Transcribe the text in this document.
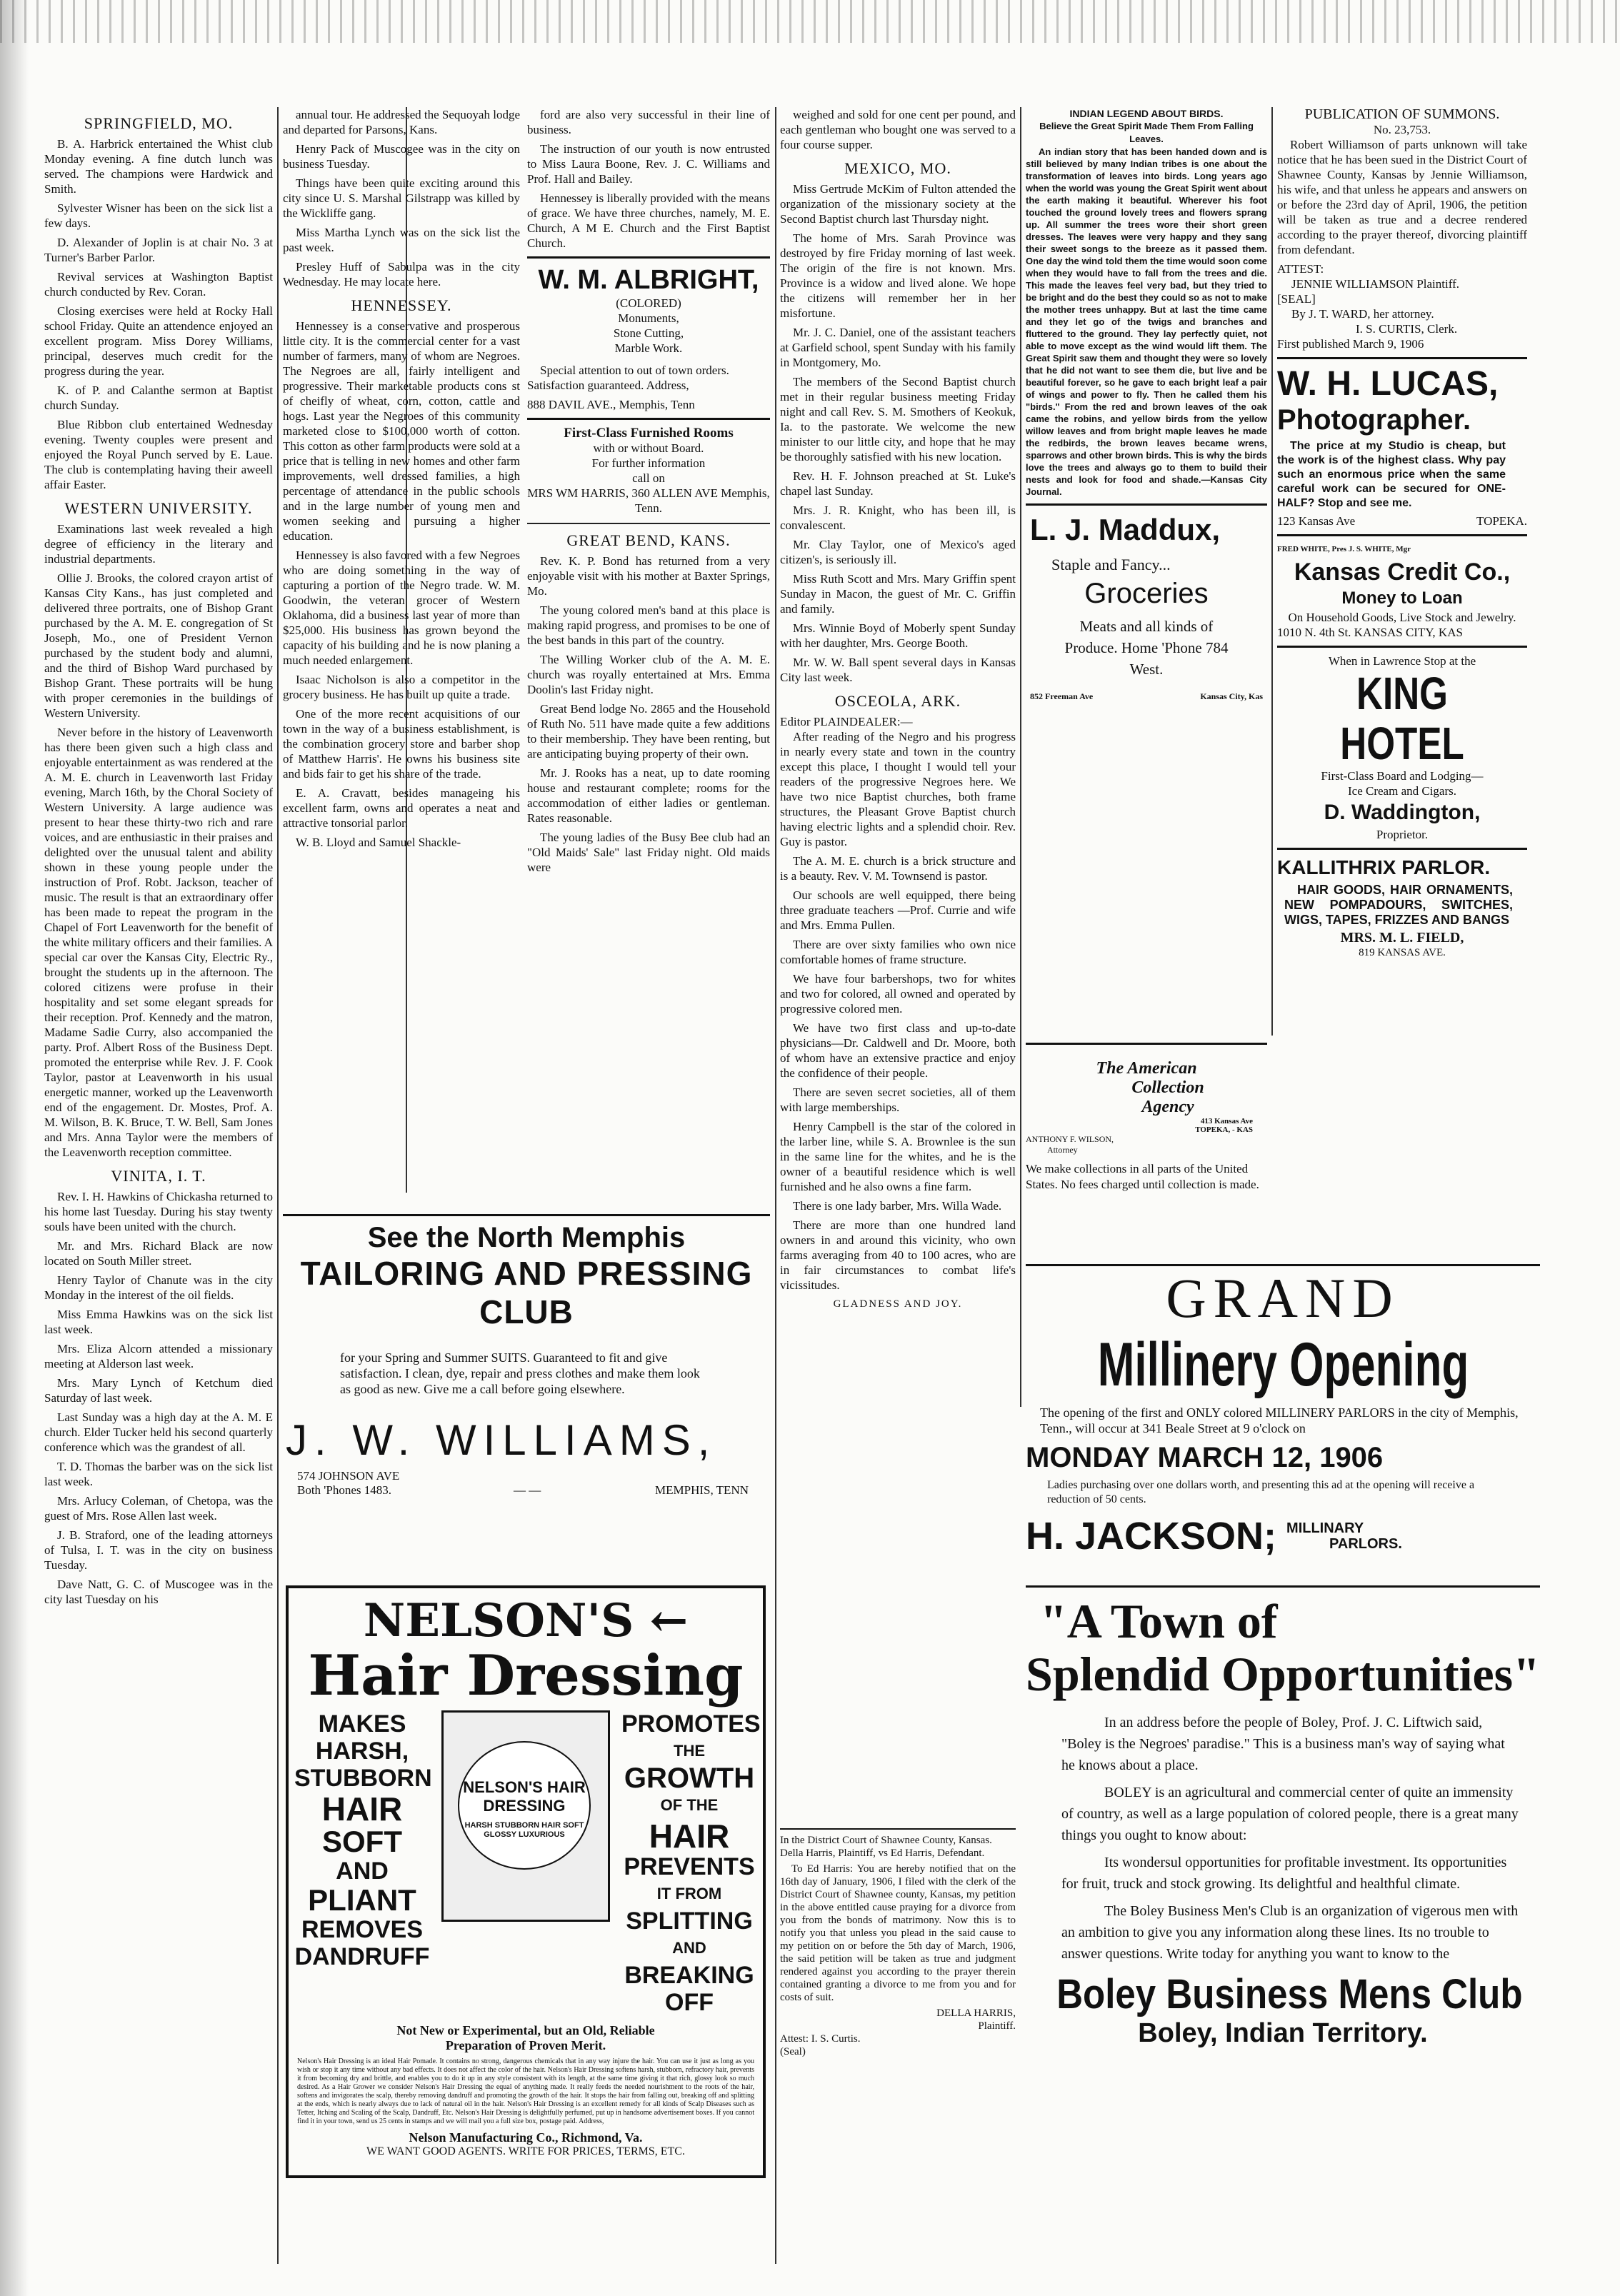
SPRINGFIELD, MO.

B. A. Harbrick entertained the Whist club Monday evening. A fine dutch lunch was served. The champions were Hardwick and Smith.

Sylvester Wisner has been on the sick list a few days.

D. Alexander of Joplin is at chair No. 3 at Turner's Barber Parlor.

Revival services at Washington Baptist church conducted by Rev. Coran.

Closing exercises were held at Rocky Hall school Friday. Quite an attendence enjoyed an excellent program. Miss Dorey Williams, principal, deserves much credit for the progress during the year.

K. of P. and Calanthe sermon at Baptist church Sunday.

Blue Ribbon club entertained Wednesday evening. Twenty couples were present and enjoyed the Royal Punch served by E. Laue. The club is contemplating having their aweell affair Easter.

WESTERN UNIVERSITY.

Examinations last week revealed a high degree of efficiency in the literary and industrial departments.

Ollie J. Brooks, the colored crayon artist of Kansas City Kans., has just completed and delivered three portraits, one of Bishop Grant purchased by the A. M. E. congregation of St Joseph, Mo., one of President Vernon purchased by the student body and alumni, and the third of Bishop Ward purchased by Bishop Grant. These portraits will be hung with proper ceremonies in the buildings of Western University.

Never before in the history of Leavenworth has there been given such a high class and enjoyable entertainment as was rendered at the A. M. E. church in Leavenworth last Friday evening, March 16th, by the Choral Society of Western University. A large audience was present to hear these thirty-two rich and rare voices, and are enthusiastic in their praises and delighted over the unusual talent and ability shown in these young people under the instruction of Prof. Robt. Jackson, teacher of music. The result is that an extraordinary offer has been made to repeat the program in the Chapel of Fort Leavenworth for the benefit of the white military officers and their families. A special car over the Kansas City, Electric Ry., brought the students up in the afternoon. The colored citizens were profuse in their hospitality and set some elegant spreads for their reception. Prof. Kennedy and the matron, Madame Sadie Curry, also accompanied the party. Prof. Albert Ross of the Business Dept. promoted the enterprise while Rev. J. F. Cook Taylor, pastor at Leavenworth in his usual energetic manner, worked up the Leavenworth end of the engagement. Dr. Mostes, Prof. A. M. Wilson, B. K. Bruce, T. W. Bell, Sam Jones and Mrs. Anna Taylor were the members of the Leavenworth reception committee.

VINITA, I. T.

Rev. I. H. Hawkins of Chickasha returned to his home last Tuesday. During his stay twenty souls have been united with the church.

Mr. and Mrs. Richard Black are now located on South Miller street.

Henry Taylor of Chanute was in the city Monday in the interest of the oil fields.

Miss Emma Hawkins was on the sick list last week.

Mrs. Eliza Alcorn attended a missionary meeting at Alderson last week.

Mrs. Mary Lynch of Ketchum died Saturday of last week.

Last Sunday was a high day at the A. M. E church. Elder Tucker held his second quarterly conference which was the grandest of all.

T. D. Thomas the barber was on the sick list last week.

Mrs. Arlucy Coleman, of Chetopa, was the guest of Mrs. Rose Allen last week.

J. B. Straford, one of the leading attorneys of Tulsa, I. T. was in the city on business Tuesday.

Dave Natt, G. C. of Muscogee was in the city last Tuesday on his

annual tour. He addressed the Sequoyah lodge and departed for Parsons, Kans.

Henry Pack of Muscogee was in the city on business Tuesday.

Things have been quite exciting around this city since U. S. Marshal Gilstrapp was killed by the Wickliffe gang.

Miss Martha Lynch was on the sick list the past week.

Presley Huff of Sabulpa was in the city Wednesday. He may locate here.

HENNESSEY.

Hennessey is a conservative and prosperous little city. It is the commercial center for a vast number of farmers, many of whom are Negroes. The Negroes are all, fairly intelligent and progressive. Their marketable products cons st of cheifly of wheat, corn, cotton, cattle and hogs. Last year the Negroes of this community marketed close to $100,000 worth of cotton. This cotton as other farm products were sold at a price that is telling in new homes and other farm improvements, well dressed families, a high percentage of attendance in the public schools and in the large number of young men and women seeking and pursuing a higher education.

Hennessey is also favored with a few Negroes who are doing something in the way of capturing a portion of the Negro trade. W. M. Goodwin, the veteran grocer of Western Oklahoma, did a business last year of more than $25,000. His business has grown beyond the capacity of his building and he is now planing a much needed enlargement.

Isaac Nicholson is also a competitor in the grocery business. He has built up quite a trade.

One of the more recent acquisitions of our town in the way of a business establishment, is the combination grocery store and barber shop of Matthew Harris'. He owns his business site and bids fair to get his share of the trade.

E. A. Cravatt, besides manageing his excellent farm, owns and operates a neat and attractive tonsorial parlor.

W. B. Lloyd and Samuel Shackle-

ford are also very successful in their line of business.

The instruction of our youth is now entrusted to Miss Laura Boone, Rev. J. C. Williams and Prof. Hall and Bailey.

Hennessey is liberally provided with the means of grace. We have three churches, namely, M. E. Church, A M E. Church and the First Baptist Church.

W. M. ALBRIGHT,
(COLORED)
Monuments,
Stone Cutting,
Marble Work.

Special attention to out of town orders. Satisfaction guaranteed. Address,

888 DAVIL AVE., Memphis, Tenn
First-Class Furnished Rooms
with or without Board.
For further information
call on
MRS WM HARRIS, 360 ALLEN AVE Memphis, Tenn.
GREAT BEND, KANS.

Rev. K. P. Bond has returned from a very enjoyable visit with his mother at Baxter Springs, Mo.

The young colored men's band at this place is making rapid progress, and promises to be one of the best bands in this part of the country.

The Willing Worker club of the A. M. E. church was royally entertained at Mrs. Emma Doolin's last Friday night.

Great Bend lodge No. 2865 and the Household of Ruth No. 511 have made quite a few additions to their membership. They have been renting, but are anticipating buying property of their own.

Mr. J. Rooks has a neat, up to date rooming house and restaurant complete; rooms for the accommodation of either ladies or gentleman. Rates reasonable.

The young ladies of the Busy Bee club had an "Old Maids' Sale" last Friday night. Old maids were

See the North Memphis
TAILORING AND PRESSING CLUB

for your Spring and Summer SUITS. Guaranteed to fit and give satisfaction. I clean, dye, repair and press clothes and make them look as good as new. Give me a call before going elsewhere.

J. W. WILLIAMS,
574 JOHNSON AVE
Both 'Phones 1483.	— —	MEMPHIS, TENN
NELSON'S ←
Hair Dressing
MAKES
HARSH,
STUBBORN
HAIR
SOFT
AND
PLIANT
REMOVES
DANDRUFF
NELSON'S HAIR DRESSING
HARSH STUBBORN HAIR SOFT GLOSSY LUXURIOUS
PROMOTES
THE
GROWTH
OF THE
HAIR
PREVENTS
IT FROM
SPLITTING
AND
BREAKING
OFF
Not New or Experimental, but an Old, Reliable
Preparation of Proven Merit.

Nelson's Hair Dressing is an ideal Hair Pomade. It contains no strong, dangerous chemicals that in any way injure the hair. You can use it just as long as you wish or stop it any time without any bad effects. It does not affect the color of the hair. Nelson's Hair Dressing softens harsh, stubborn, refractory hair, prevents it from becoming dry and brittle, and enables you to do it up in any style consistent with its length, at the same time giving it that rich, glossy look so much desired. As a Hair Grower we consider Nelson's Hair Dressing the equal of anything made. It really feeds the needed nourishment to the roots of the hair, softens and invigorates the scalp, thereby removing dandruff and promoting the growth of the hair. It stops the hair from falling out, breaking off and splitting at the ends, which is nearly always due to lack of natural oil in the hair. Nelson's Hair Dressing is an excellent remedy for all kinds of Scalp Diseases such as Tetter, Itching and Scaling of the Scalp, Dandruff, Etc. Nelson's Hair Dressing is delightfully perfumed, put up in handsome advertisement boxes. If you cannot find it in your town, send us 25 cents in stamps and we will mail you a full size box, postage paid. Address,

Nelson Manufacturing Co., Richmond, Va.
WE WANT GOOD AGENTS. WRITE FOR PRICES, TERMS, ETC.

weighed and sold for one cent per pound, and each gentleman who bought one was served to a four course supper.

MEXICO, MO.

Miss Gertrude McKim of Fulton attended the organization of the missionary society at the Second Baptist church last Thursday night.

The home of Mrs. Sarah Province was destroyed by fire Friday morning of last week. The origin of the fire is not known. Mrs. Province is a widow and lived alone. We hope the citizens will remember her in her misfortune.

Mr. J. C. Daniel, one of the assistant teachers at Garfield school, spent Sunday with his family in Montgomery, Mo.

The members of the Second Baptist church met in their regular business meeting Friday night and call Rev. S. M. Smothers of Keokuk, Ia. to the pastorate. We welcome the new minister to our little city, and hope that he may be thoroughly satisfied with his new location.

Rev. H. F. Johnson preached at St. Luke's chapel last Sunday.

Mrs. J. R. Knight, who has been ill, is convalescent.

Mr. Clay Taylor, one of Mexico's aged citizen's, is seriously ill.

Miss Ruth Scott and Mrs. Mary Griffin spent Sunday in Macon, the guest of Mr. C. Griffin and family.

Mrs. Winnie Boyd of Moberly spent Sunday with her daughter, Mrs. George Booth.

Mr. W. W. Ball spent several days in Kansas City last week.

OSCEOLA, ARK.
Editor PLAINDEALER:—

After reading of the Negro and his progress in nearly every state and town in the country except this place, I thought I would tell your readers of the progressive Negroes here. We have two nice Baptist churches, both frame structures, the Pleasant Grove Baptist church having electric lights and a splendid choir. Rev. Guy is pastor.

The A. M. E. church is a brick structure and is a beauty. Rev. V. M. Townsend is pastor.

Our schools are well equipped, there being three graduate teachers —Prof. Currie and wife and Mrs. Emma Pullen.

There are over sixty families who own nice comfortable homes of frame structure.

We have four barbershops, two for whites and two for colored, all owned and operated by progressive colored men.

We have two first class and up-to-date physicians—Dr. Caldwell and Dr. Moore, both of whom have an extensive practice and enjoy the confidence of their people.

There are seven secret societies, all of them with large memberships.

Henry Campbell is the star of the colored in the larber line, while S. A. Brownlee is the sun in the same line for the whites, and he is the owner of a beautiful residence which is well furnished and he also owns a fine farm.

There is one lady barber, Mrs. Willa Wade.

There are more than one hundred land owners in and around this vicinity, who own farms averaging from 40 to 100 acres, who are in fair circumstances to combat life's vicissitudes.

GLADNESS AND JOY.
In the District Court of Shawnee County, Kansas.
Della Harris, Plaintiff, vs Ed Harris, Defendant.

To Ed Harris: You are hereby notified that on the 16th day of January, 1906, I filed with the clerk of the District Court of Shawnee county, Kansas, my petition in the above entitled cause praying for a divorce from you from the bonds of matrimony. Now this is to notify you that unless you plead in the said cause to my petition on or before the 5th day of March, 1906, the said petition will be taken as true and judgment rendered against you according to the prayer therein contained granting a divorce to me from you and for costs of suit.

DELLA HARRIS,
Plaintiff.
Attest: I. S. Curtis.
(Seal)
INDIAN LEGEND ABOUT BIRDS.
Believe the Great Spirit Made Them From Falling Leaves.

An indian story that has been handed down and is still believed by many Indian tribes is one about the transformation of leaves into birds. Long years ago when the world was young the Great Spirit went about the earth making it beautiful. Wherever his foot touched the ground lovely trees and flowers sprang up. All summer the trees wore their short green dresses. The leaves were very happy and they sang their sweet songs to the breeze as it passed them. One day the wind told them the time would soon come when they would have to fall from the trees and die. This made the leaves feel very bad, but they tried to be bright and do the best they could so as not to make the mother trees unhappy. But at last the time came and they let go of the twigs and branches and fluttered to the ground. They lay perfectly quiet, not able to move except as the wind would lift them. The Great Spirit saw them and thought they were so lovely that he did not want to see them die, but live and be beautiful forever, so he gave to each bright leaf a pair of wings and power to fly. Then he called them his "birds." From the red and brown leaves of the oak came the robins, and yellow birds from the yellow willow leaves and from bright maple leaves he made the redbirds, the brown leaves became wrens, sparrows and other brown birds. This is why the birds love the trees and always go to them to build their nests and look for food and shade.—Kansas City Journal.

L. J. Maddux,
Staple and Fancy...
Groceries

Meats and all kinds of Produce. Home 'Phone 784 West.

852 Freeman Ave	Kansas City, Kas
The American
Collection
Agency
413 Kansas Ave
TOPEKA, - KAS
ANTHONY F. WILSON,
Attorney

We make collections in all parts of the United States. No fees charged until collection is made.

PUBLICATION OF SUMMONS.
No. 23,753.

Robert Williamson of parts unknown will take notice that he has been sued in the District Court of Shawnee County, Kansas by Jennie Williamson, his wife, and that unless he appears and answers on or before the 23rd day of April, 1906, the petition will be taken as true and a decree rendered according to the prayer thereof, divorcing plaintiff from defendant.

ATTEST:
JENNIE WILLIAMSON Plaintiff.
[SEAL]
By J. T. WARD, her attorney.
I. S. CURTIS, Clerk.
First published March 9, 1906
W. H. LUCAS,
Photographer.

The price at my Studio is cheap, but the work is of the highest class. Why pay such an enormous price when the same careful work can be secured for ONE-HALF? Stop and see me.

123 Kansas Ave	TOPEKA.
FRED WHITE, Pres J. S. WHITE, Mgr
Kansas Credit Co.,
Money to Loan
On Household Goods, Live Stock and Jewelry.
1010 N. 4th St. KANSAS CITY, KAS
When in Lawrence Stop at the
KING HOTEL
First-Class Board and Lodging—
Ice Cream and Cigars.
D. Waddington,
Proprietor.
KALLITHRIX PARLOR.

HAIR GOODS, HAIR ORNAMENTS, NEW POMPADOURS, SWITCHES, WIGS, TAPES, FRIZZES AND BANGS

MRS. M. L. FIELD,
819 KANSAS AVE.
GRAND
Millinery Opening

The opening of the first and ONLY colored MILLINERY PARLORS in the city of Memphis, Tenn., will occur at 341 Beale Street at 9 o'clock on

MONDAY MARCH 12, 1906

Ladies purchasing over one dollars worth, and presenting this ad at the opening will receive a reduction of 50 cents.

H. JACKSON; MILLINARY
PARLORS.
"A Town of
Splendid Opportunities"

In an address before the people of Boley, Prof. J. C. Liftwich said, "Boley is the Negroes' paradise." This is a business man's way of saying what he knows about a place.

BOLEY is an agricultural and commercial center of quite an immensity of country, as well as a large population of colored people, there is a great many things you ought to know about:

Its wondersul opportunities for profitable investment. Its opportunities for fruit, truck and stock growing. Its delightful and healthful climate.

The Boley Business Men's Club is an organization of vigerous men with an ambition to give you any information along these lines. Its no trouble to answer questions. Write today for anything you want to know to the

Boley Business Mens Club
Boley, Indian Territory.
